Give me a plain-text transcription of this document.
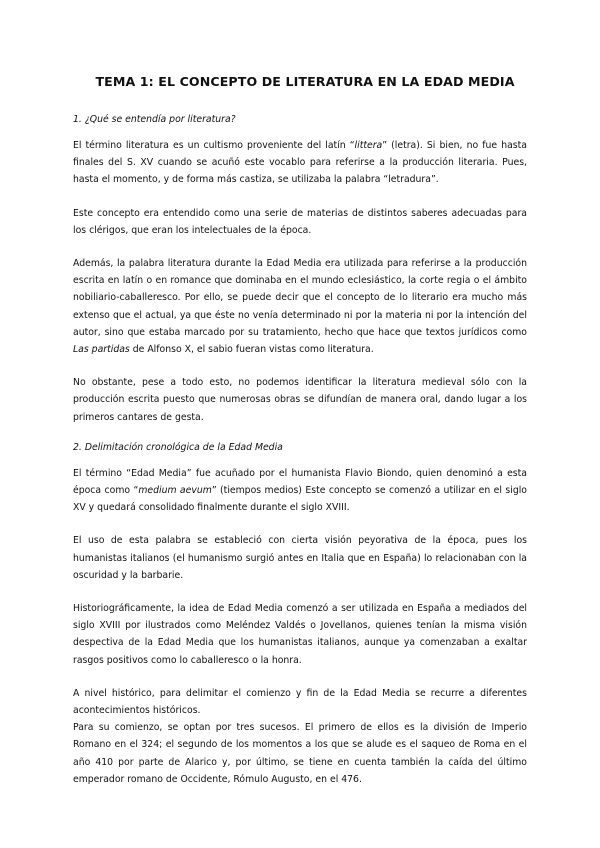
TEMA 1: EL CONCEPTO DE LITERATURA EN LA EDAD MEDIA
1. ¿Qué se entendía por literatura?

El término literatura es un cultismo proveniente del latín “littera” (letra). Si bien, no fue hasta finales del S. XV cuando se acuñó este vocablo para referirse a la producción literaria. Pues, hasta el momento, y de forma más castiza, se utilizaba la palabra “letradura”.

Este concepto era entendido como una serie de materias de distintos saberes adecuadas para los clérigos, que eran los intelectuales de la época.

Además, la palabra literatura durante la Edad Media era utilizada para referirse a la producción escrita en latín o en romance que dominaba en el mundo eclesiástico, la corte regia o el ámbito nobiliario-caballeresco. Por ello, se puede decir que el concepto de lo literario era mucho más extenso que el actual, ya que éste no venía determinado ni por la materia ni por la intención del autor, sino que estaba marcado por su tratamiento, hecho que hace que textos jurídicos como Las partidas de Alfonso X, el sabio fueran vistas como literatura.

No obstante, pese a todo esto, no podemos identificar la literatura medieval sólo con la producción escrita puesto que numerosas obras se difundían de manera oral, dando lugar a los primeros cantares de gesta.

2. Delimitación cronológica de la Edad Media

El término “Edad Media” fue acuñado por el humanista Flavio Biondo, quien denominó a esta época como “medium aevum” (tiempos medios) Este concepto se comenzó a utilizar en el siglo XV y quedará consolidado finalmente durante el siglo XVIII.

El uso de esta palabra se estableció con cierta visión peyorativa de la época, pues los humanistas italianos (el humanismo surgió antes en Italia que en España) lo relacionaban con la oscuridad y la barbarie.

Historiográficamente, la idea de Edad Media comenzó a ser utilizada en España a mediados del siglo XVIII por ilustrados como Meléndez Valdés o Jovellanos, quienes tenían la misma visión despectiva de la Edad Media que los humanistas italianos, aunque ya comenzaban a exaltar rasgos positivos como lo caballeresco o la honra.

A nivel histórico, para delimitar el comienzo y fin de la Edad Media se recurre a diferentes acontecimientos históricos.

Para su comienzo, se optan por tres sucesos. El primero de ellos es la división de Imperio Romano en el 324; el segundo de los momentos a los que se alude es el saqueo de Roma en el año 410 por parte de Alarico y, por último, se tiene en cuenta también la caída del último emperador romano de Occidente, Rómulo Augusto, en el 476.
